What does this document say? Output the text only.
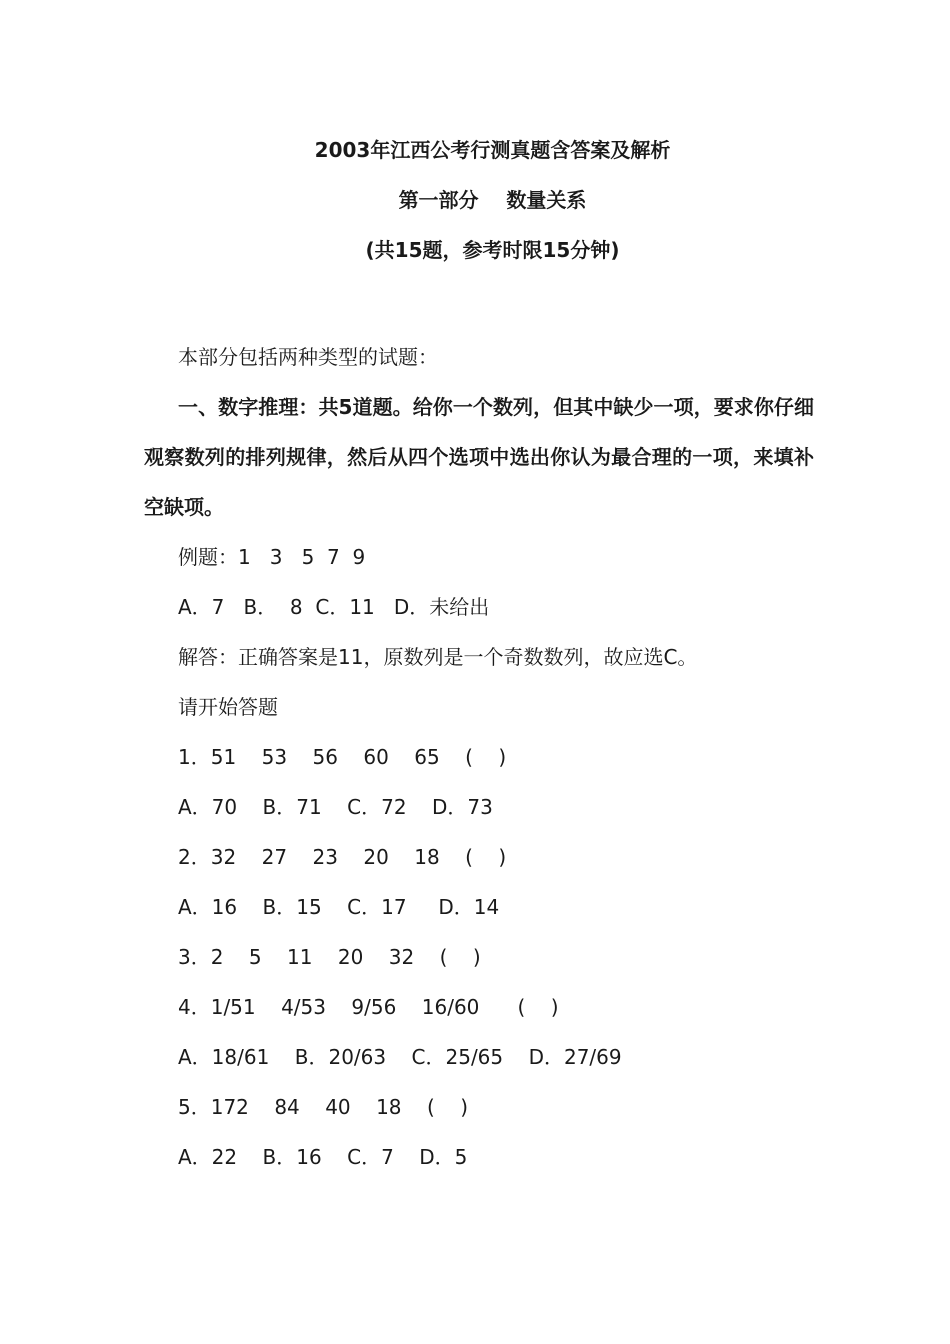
2003年江西公考行测真题含答案及解析
第一部分    数量关系
(共15题，参考时限15分钟)
本部分包括两种类型的试题：
一、数字推理：共5道题。给你一个数列，但其中缺少一项，要求你仔细观察数列的排列规律，然后从四个选项中选出你认为最合理的一项，来填补空缺项。
例题：1   3   5  7  9
A．7   B．  8  C．11   D．未给出
解答：正确答案是11，原数列是一个奇数数列，故应选C。
请开始答题
1．51    53    56    60    65    (    )
A．70    B．71    C．72    D．73
2．32    27    23    20    18    (    )
A．16    B．15    C．17     D．14
3．2    5    11    20    32    (    )
4．1/51    4/53    9/56    16/60      (    )
A．18/61    B．20/63    C．25/65    D．27/69
5．172    84    40    18    (    )
A．22    B．16    C．7    D．5
